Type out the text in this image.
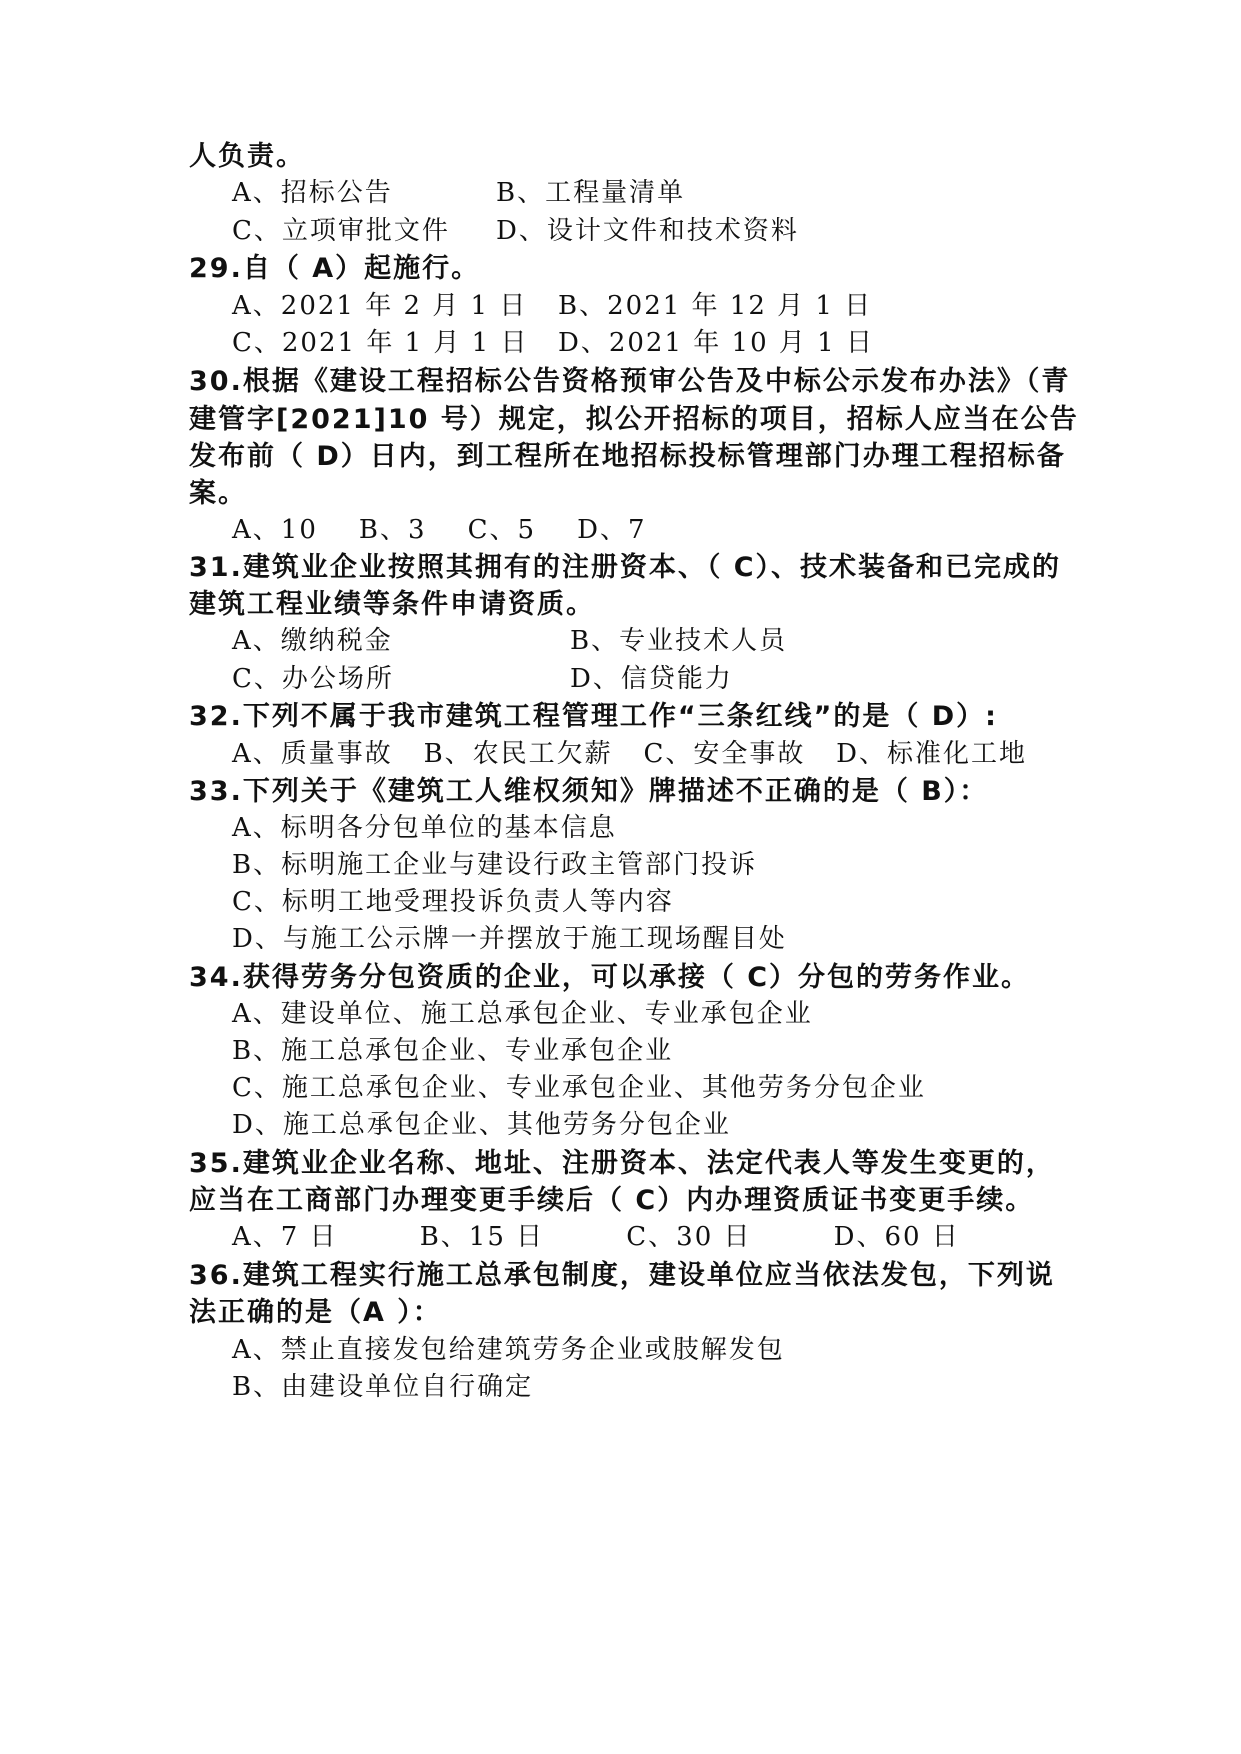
人负责。
A、招标公告	B、工程量清单
C、立项审批文件 D、设计文件和技术资料
29.自（ A）起施行。
A、2021 年 2 月 1 日 B、2021 年 12 月 1 日
C、2021 年 1 月 1 日 D、2021 年 10 月 1 日
30.根据《建设工程招标公告资格预审公告及中标公示发布办法》（青
建管字[2021]10 号）规定，拟公开招标的项目，招标人应当在公告
发布前（ D）日内，到工程所在地招标投标管理部门办理工程招标备
案。
A、10    B、3    C、5    D、7
31.建筑业企业按照其拥有的注册资本、（ C）、技术装备和已完成的
建筑工程业绩等条件申请资质。
A、缴纳税金	B、专业技术人员
C、办公场所	D、信贷能力
32.下列不属于我市建筑工程管理工作“三条红线”的是（ D）:
A、质量事故   B、农民工欠薪   C、安全事故   D、标准化工地
33.下列关于《建筑工人维权须知》牌描述不正确的是（ B）：
A、标明各分包单位的基本信息
B、标明施工企业与建设行政主管部门投诉
C、标明工地受理投诉负责人等内容
D、与施工公示牌一并摆放于施工现场醒目处
34.获得劳务分包资质的企业，可以承接（ C）分包的劳务作业。
A、建设单位、施工总承包企业、专业承包企业
B、施工总承包企业、专业承包企业
C、施工总承包企业、专业承包企业、其他劳务分包企业
D、施工总承包企业、其他劳务分包企业
35.建筑业企业名称、地址、注册资本、法定代表人等发生变更的，
应当在工商部门办理变更手续后（ C）内办理资质证书变更手续。
A、7 日        B、15 日        C、30 日        D、60 日
36.建筑工程实行施工总承包制度，建设单位应当依法发包，下列说
法正确的是（A ）：
A、禁止直接发包给建筑劳务企业或肢解发包
B、由建设单位自行确定
